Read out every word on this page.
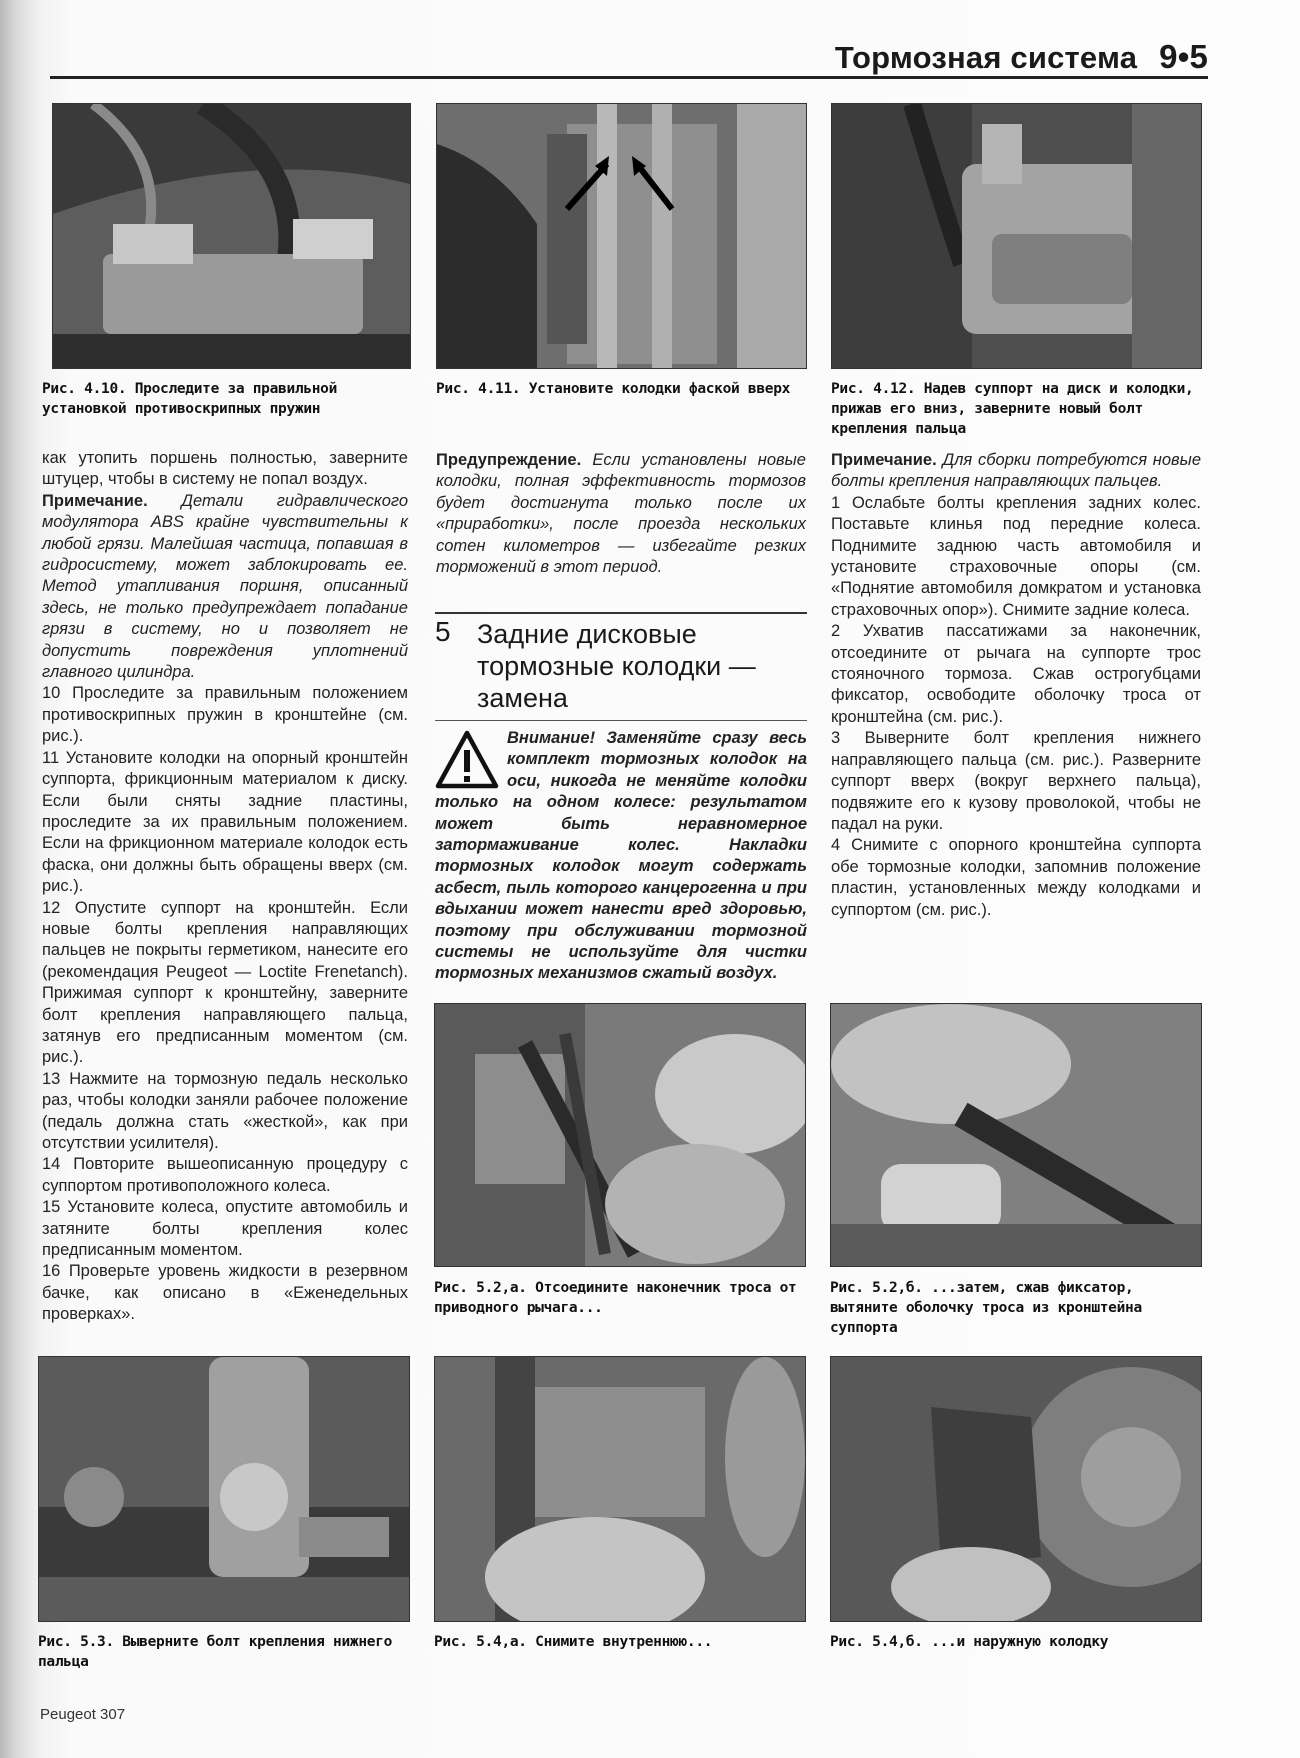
Тормозная система 9•5
Рис. 4.10. Проследите за правильной установкой противоскрипных пружин
Рис. 4.11. Установите колодки фаской вверх	Рис. 4.12. Надев суппорт на диск и колодки, прижав его вниз, заверните новый болт крепления пальца

как утопить поршень полностью, заверните штуцер, чтобы в систему не попал воздух.

Примечание. Детали гидравлического модулятора ABS крайне чувствительны к любой грязи. Малейшая частица, попавшая в гидросистему, может заблокировать ее. Метод утапливания поршня, описанный здесь, не только предупреждает попадание грязи в систему, но и позволяет не допустить повреждения уплотнений главного цилиндра.

10 Проследите за правильным положением противоскрипных пружин в кронштейне (см. рис.).

11 Установите колодки на опорный кронштейн суппорта, фрикционным материалом к диску. Если были сняты задние пластины, проследите за их правильным положением. Если на фрикционном материале колодок есть фаска, они должны быть обращены вверх (см. рис.).

12 Опустите суппорт на кронштейн. Если новые болты крепления направляющих пальцев не покрыты герметиком, нанесите его (рекомендация Peugeot — Loctite Frenetanch). Прижимая суппорт к кронштейну, заверните болт крепления направляющего пальца, затянув его предписанным моментом (см. рис.).

13 Нажмите на тормозную педаль несколько раз, чтобы колодки заняли рабочее положение (педаль должна стать «жесткой», как при отсутствии усилителя).

14 Повторите вышеописанную процедуру с суппортом противоположного колеса.

15 Установите колеса, опустите автомобиль и затяните болты крепления колес предписанным моментом.

16 Проверьте уровень жидкости в резервном бачке, как описано в «Еженедельных проверках».

Предупреждение. Если установлены новые колодки, полная эффективность тормозов будет достигнута только после их «приработки», после проезда нескольких сотен километров — избегайте резких торможений в этот период.

5 Задние дисковые тормозные колодки — замена
Внимание! Заменяйте сразу весь комплект тормозных колодок на оси, никогда не меняйте колодки только на одном колесе: результатом может быть неравномерное затормаживание колес. Накладки тормозных колодок могут содержать асбест, пыль которого канцерогенна и при вдыхании может нанести вред здоровью, поэтому при обслуживании тормозной системы не используйте для чистки тормозных механизмов сжатый воздух.

Примечание. Для сборки потребуются новые болты крепления направляющих пальцев.

1 Ослабьте болты крепления задних колес. Поставьте клинья под передние колеса. Поднимите заднюю часть автомобиля и установите страховочные опоры (см. «Поднятие автомобиля домкратом и установка страховочных опор»). Снимите задние колеса.

2 Ухватив пассатижами за наконечник, отсоедините от рычага на суппорте трос стояночного тормоза. Сжав острогубцами фиксатор, освободите оболочку троса от кронштейна (см. рис.).

3 Выверните болт крепления нижнего направляющего пальца (см. рис.). Разверните суппорт вверх (вокруг верхнего пальца), подвяжите его к кузову проволокой, чтобы не падал на руки.

4 Снимите с опорного кронштейна суппорта обе тормозные колодки, запомнив положение пластин, установленных между колодками и суппортом (см. рис.).

Рис. 5.2,а. Отсоедините наконечник троса от приводного рычага...
Рис. 5.2,б. ...затем, сжав фиксатор, вытяните оболочку троса из кронштейна суппорта
Рис. 5.3. Выверните болт крепления нижнего пальца
Рис. 5.4,а. Снимите внутреннюю...	Рис. 5.4,б. ...и наружную колодку
Peugeot 307
